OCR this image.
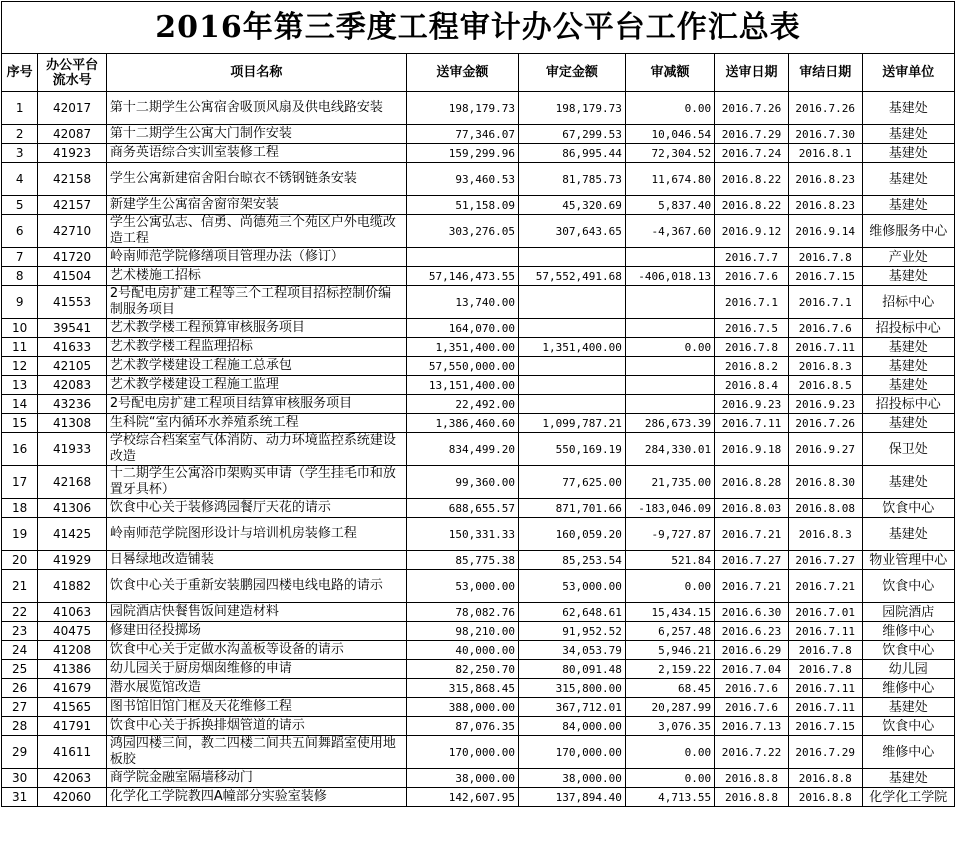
2016年第三季度工程审计办公平台工作汇总表
序号	办公平台流水号	项目名称	送审金额	审定金额	审减额	送审日期	审结日期	送审单位
1	42017	第十二期学生公寓宿舍吸顶风扇及供电线路安装	198,179.73	198,179.73	0.00	2016.7.26	2016.7.26	基建处
2	42087	第十二期学生公寓大门制作安装	77,346.07	67,299.53	10,046.54	2016.7.29	2016.7.30	基建处
3	41923	商务英语综合实训室装修工程	159,299.96	86,995.44	72,304.52	2016.7.24	2016.8.1	基建处
4	42158	学生公寓新建宿舍阳台晾衣不锈钢链条安装	93,460.53	81,785.73	11,674.80	2016.8.22	2016.8.23	基建处
5	42157	新建学生公寓宿舍窗帘架安装	51,158.09	45,320.69	5,837.40	2016.8.22	2016.8.23	基建处
6	42710	学生公寓弘志、信勇、尚德苑三个苑区户外电缆改造工程	303,276.05	307,643.65	-4,367.60	2016.9.12	2016.9.14	维修服务中心
7	41720	岭南师范学院修缮项目管理办法（修订）				2016.7.7	2016.7.8	产业处
8	41504	艺术楼施工招标	57,146,473.55	57,552,491.68	-406,018.13	2016.7.6	2016.7.15	基建处
9	41553	2号配电房扩建工程等三个工程项目招标控制价编制服务项目	13,740.00			2016.7.1	2016.7.1	招标中心
10	39541	艺术教学楼工程预算审核服务项目	164,070.00			2016.7.5	2016.7.6	招投标中心
11	41633	艺术教学楼工程监理招标	1,351,400.00	1,351,400.00	0.00	2016.7.8	2016.7.11	基建处
12	42105	艺术教学楼建设工程施工总承包	57,550,000.00			2016.8.2	2016.8.3	基建处
13	42083	艺术教学楼建设工程施工监理	13,151,400.00			2016.8.4	2016.8.5	基建处
14	43236	2号配电房扩建工程项目结算审核服务项目	22,492.00			2016.9.23	2016.9.23	招投标中心
15	41308	生科院“室内循环水养殖系统工程	1,386,460.60	1,099,787.21	286,673.39	2016.7.11	2016.7.26	基建处
16	41933	学校综合档案室气体消防、动力环境监控系统建设改造	834,499.20	550,169.19	284,330.01	2016.9.18	2016.9.27	保卫处
17	42168	十二期学生公寓浴巾架购买申请（学生挂毛巾和放置牙具杯）	99,360.00	77,625.00	21,735.00	2016.8.28	2016.8.30	基建处
18	41306	饮食中心关于装修鸿园餐厅天花的请示	688,655.57	871,701.66	-183,046.09	2016.8.03	2016.8.08	饮食中心
19	41425	岭南师范学院图形设计与培训机房装修工程	150,331.33	160,059.20	-9,727.87	2016.7.21	2016.8.3	基建处
20	41929	日晷绿地改造铺装	85,775.38	85,253.54	521.84	2016.7.27	2016.7.27	物业管理中心
21	41882	饮食中心关于重新安装鹏园四楼电线电路的请示	53,000.00	53,000.00	0.00	2016.7.21	2016.7.21	饮食中心
22	41063	园院酒店快餐售饭间建造材料	78,082.76	62,648.61	15,434.15	2016.6.30	2016.7.01	园院酒店
23	40475	修建田径投掷场	98,210.00	91,952.52	6,257.48	2016.6.23	2016.7.11	维修中心
24	41208	饮食中心关于定做水沟盖板等设备的请示	40,000.00	34,053.79	5,946.21	2016.6.29	2016.7.8	饮食中心
25	41386	幼儿园关于厨房烟囱维修的申请	82,250.70	80,091.48	2,159.22	2016.7.04	2016.7.8	幼儿园
26	41679	潜水展览馆改造	315,868.45	315,800.00	68.45	2016.7.6	2016.7.11	维修中心
27	41565	图书馆旧馆门框及天花维修工程	388,000.00	367,712.01	20,287.99	2016.7.6	2016.7.11	基建处
28	41791	饮食中心关于拆换排烟管道的请示	87,076.35	84,000.00	3,076.35	2016.7.13	2016.7.15	饮食中心
29	41611	鸿园四楼三间，教二四楼二间共五间舞蹈室使用地板胶	170,000.00	170,000.00	0.00	2016.7.22	2016.7.29	维修中心
30	42063	商学院金融室隔墙移动门	38,000.00	38,000.00	0.00	2016.8.8	2016.8.8	基建处
31	42060	化学化工学院教四A幢部分实验室装修	142,607.95	137,894.40	4,713.55	2016.8.8	2016.8.8	化学化工学院
